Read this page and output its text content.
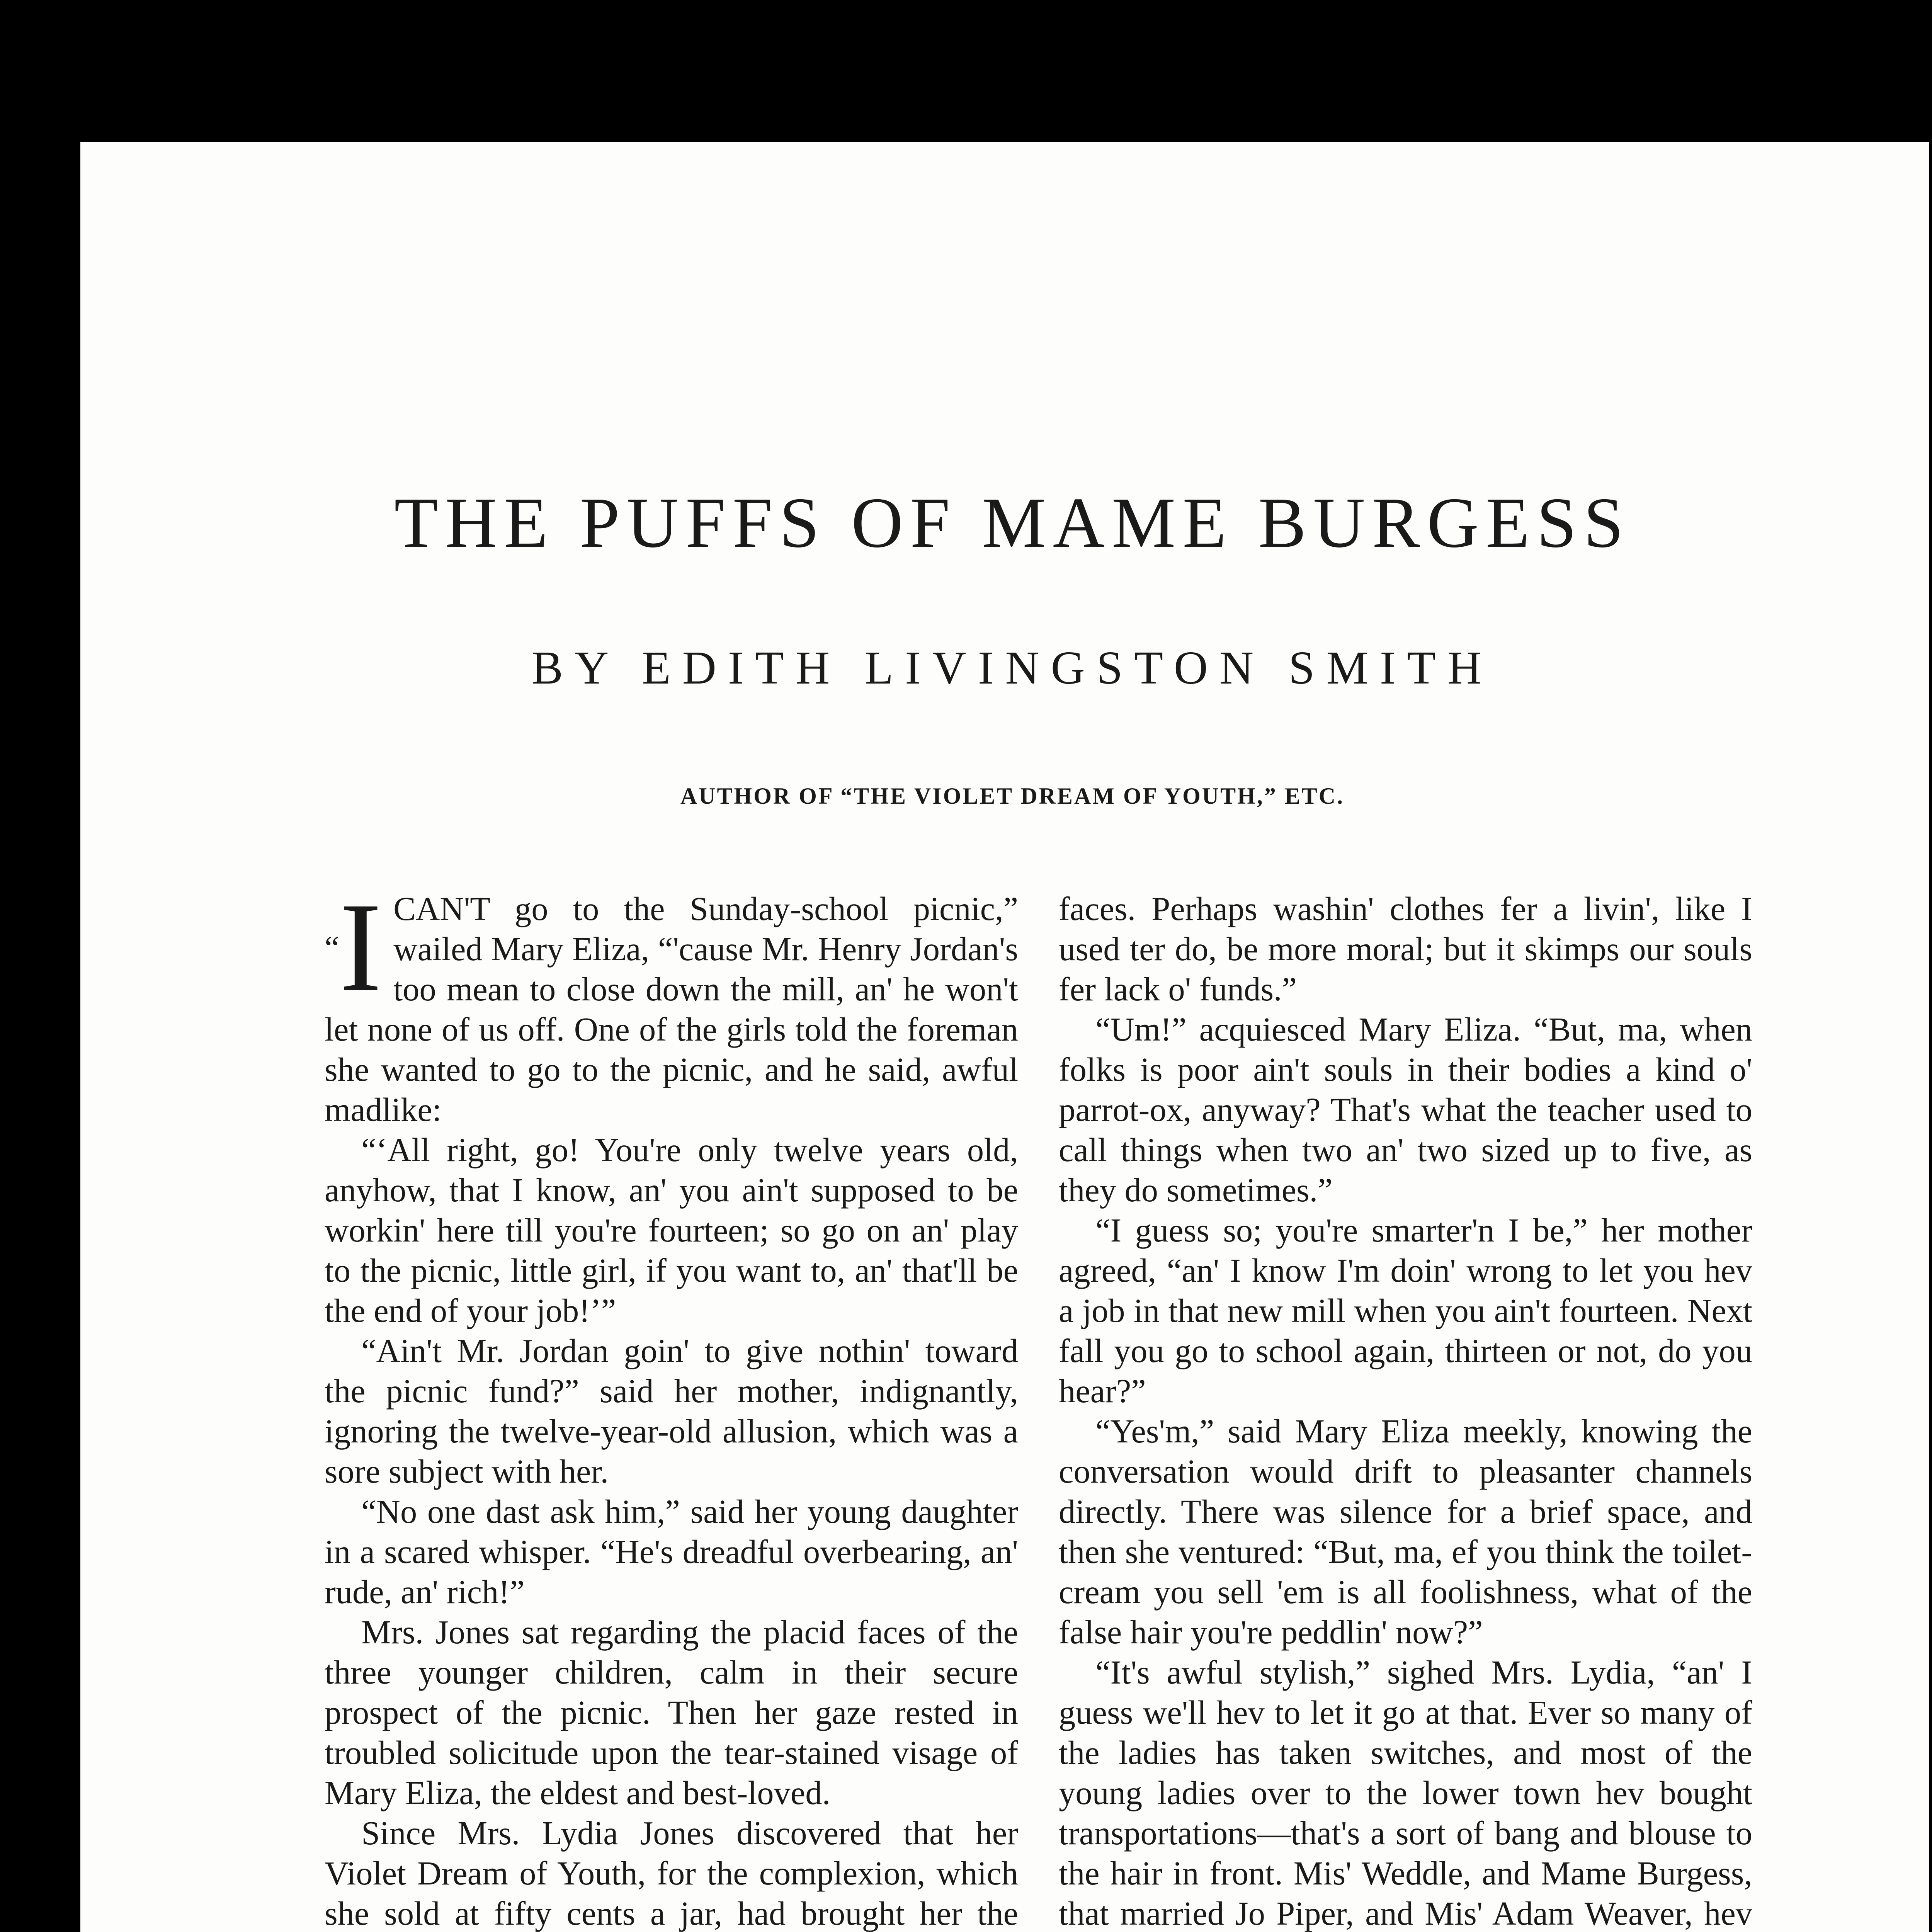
THE PUFFS OF MAME BURGESS
BY EDITH LIVINGSTON SMITH
AUTHOR OF “THE VIOLET DREAM OF YOUTH,” ETC.

“I CAN'T go to the Sunday-school picnic,” wailed Mary Eliza, “'cause Mr. Henry Jordan's too mean to close down the mill, an' he won't let none of us off. One of the girls told the foreman she wanted to go to the picnic, and he said, awful madlike:

“‘All right, go! You're only twelve years old, anyhow, that I know, an' you ain't supposed to be workin' here till you're fourteen; so go on an' play to the picnic, little girl, if you want to, an' that'll be the end of your job!’”

“Ain't Mr. Jordan goin' to give nothin' toward the picnic fund?” said her mother, indignantly, ignoring the twelve-year-old allusion, which was a sore subject with her.

“No one dast ask him,” said her young daughter in a scared whisper. “He's dreadful overbearing, an' rude, an' rich!”

Mrs. Jones sat regarding the placid faces of the three younger children, calm in their secure prospect of the picnic. Then her gaze rested in troubled solicitude upon the tear-stained visage of Mary Eliza, the eldest and best-loved.

Since Mrs. Lydia Jones discovered that her Violet Dream of Youth, for the complexion, which she sold at fifty cents a jar, had brought her the

faces. Perhaps washin' clothes fer a livin', like I used ter do, be more moral; but it skimps our souls fer lack o' funds.”

“Um!” acquiesced Mary Eliza. “But, ma, when folks is poor ain't souls in their bodies a kind o' parrot-ox, anyway? That's what the teacher used to call things when two an' two sized up to five, as they do sometimes.”

“I guess so; you're smarter'n I be,” her mother agreed, “an' I know I'm doin' wrong to let you hev a job in that new mill when you ain't fourteen. Next fall you go to school again, thirteen or not, do you hear?”

“Yes'm,” said Mary Eliza meekly, knowing the conversation would drift to pleasanter channels directly. There was silence for a brief space, and then she ventured: “But, ma, ef you think the toilet-cream you sell 'em is all foolishness, what of the false hair you're peddlin' now?”

“It's awful stylish,” sighed Mrs. Lydia, “an' I guess we'll hev to let it go at that. Ever so many of the ladies has taken switches, and most of the young ladies over to the lower town hev bought transportations—that's a sort of bang and blouse to the hair in front. Mis' Weddle, and Mame Burgess, that married Jo Piper, and Mis' Adam Weaver, hev
